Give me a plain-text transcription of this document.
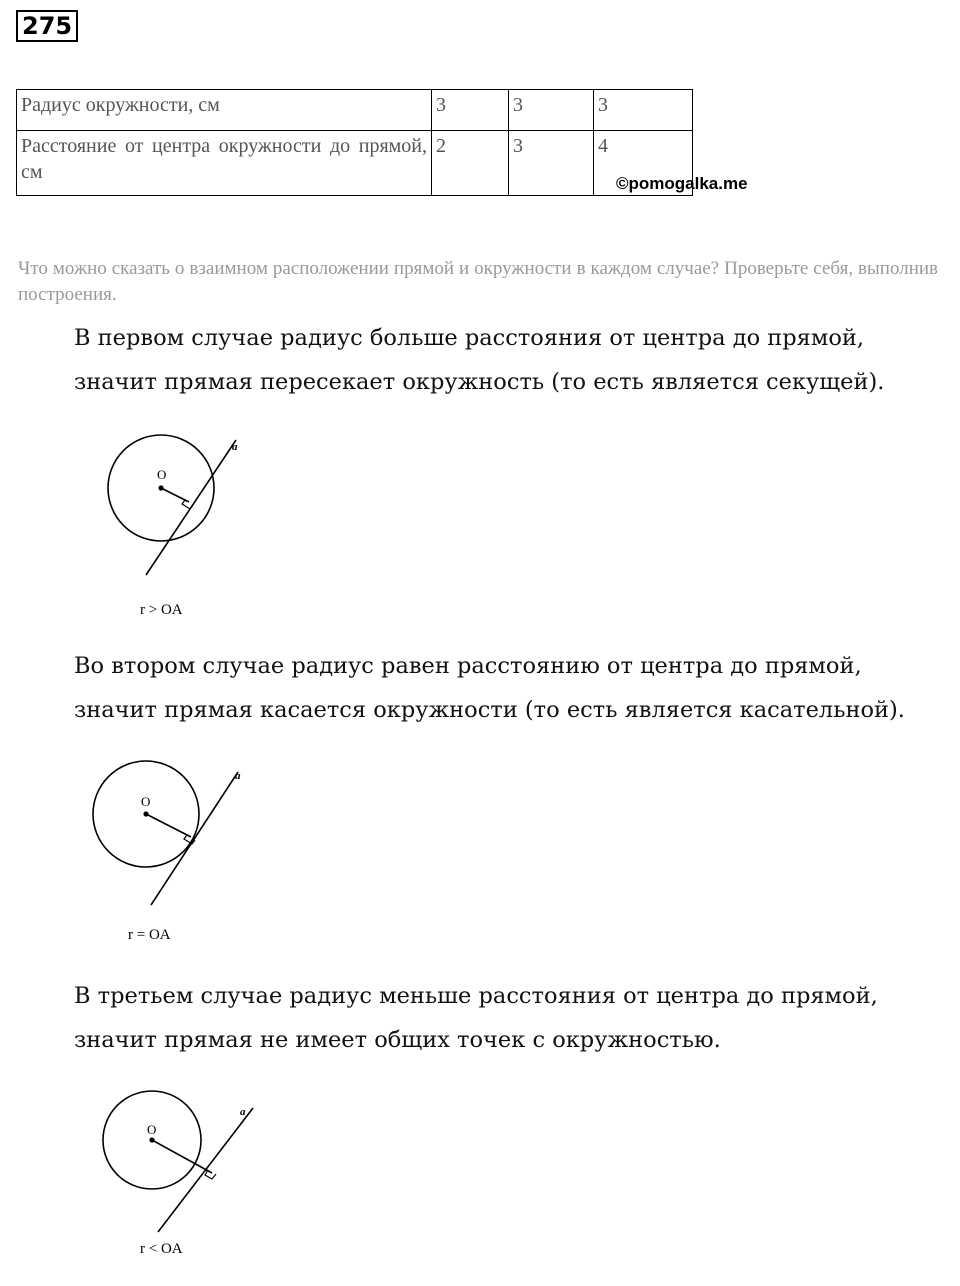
275
Радиус окружности, см	3	3	3
Расстояние от центра окружности до прямой, см	2	3	4
©pomogalka.me
Что можно сказать о взаимном расположении прямой и окружности в каждом случае? Проверьте себя, выполнив построения.

В первом случае радиус больше расстояния от центра до прямой,

значит прямая пересекает окружность (то есть является секущей).

O
a
r > OA

Во втором случае радиус равен расстоянию от центра до прямой,

значит прямая касается окружности (то есть является касательной).

O
a
r = OA

В третьем случае радиус меньше расстояния от центра до прямой,

значит прямая не имеет общих точек с окружностью.

O
a
r < OA
